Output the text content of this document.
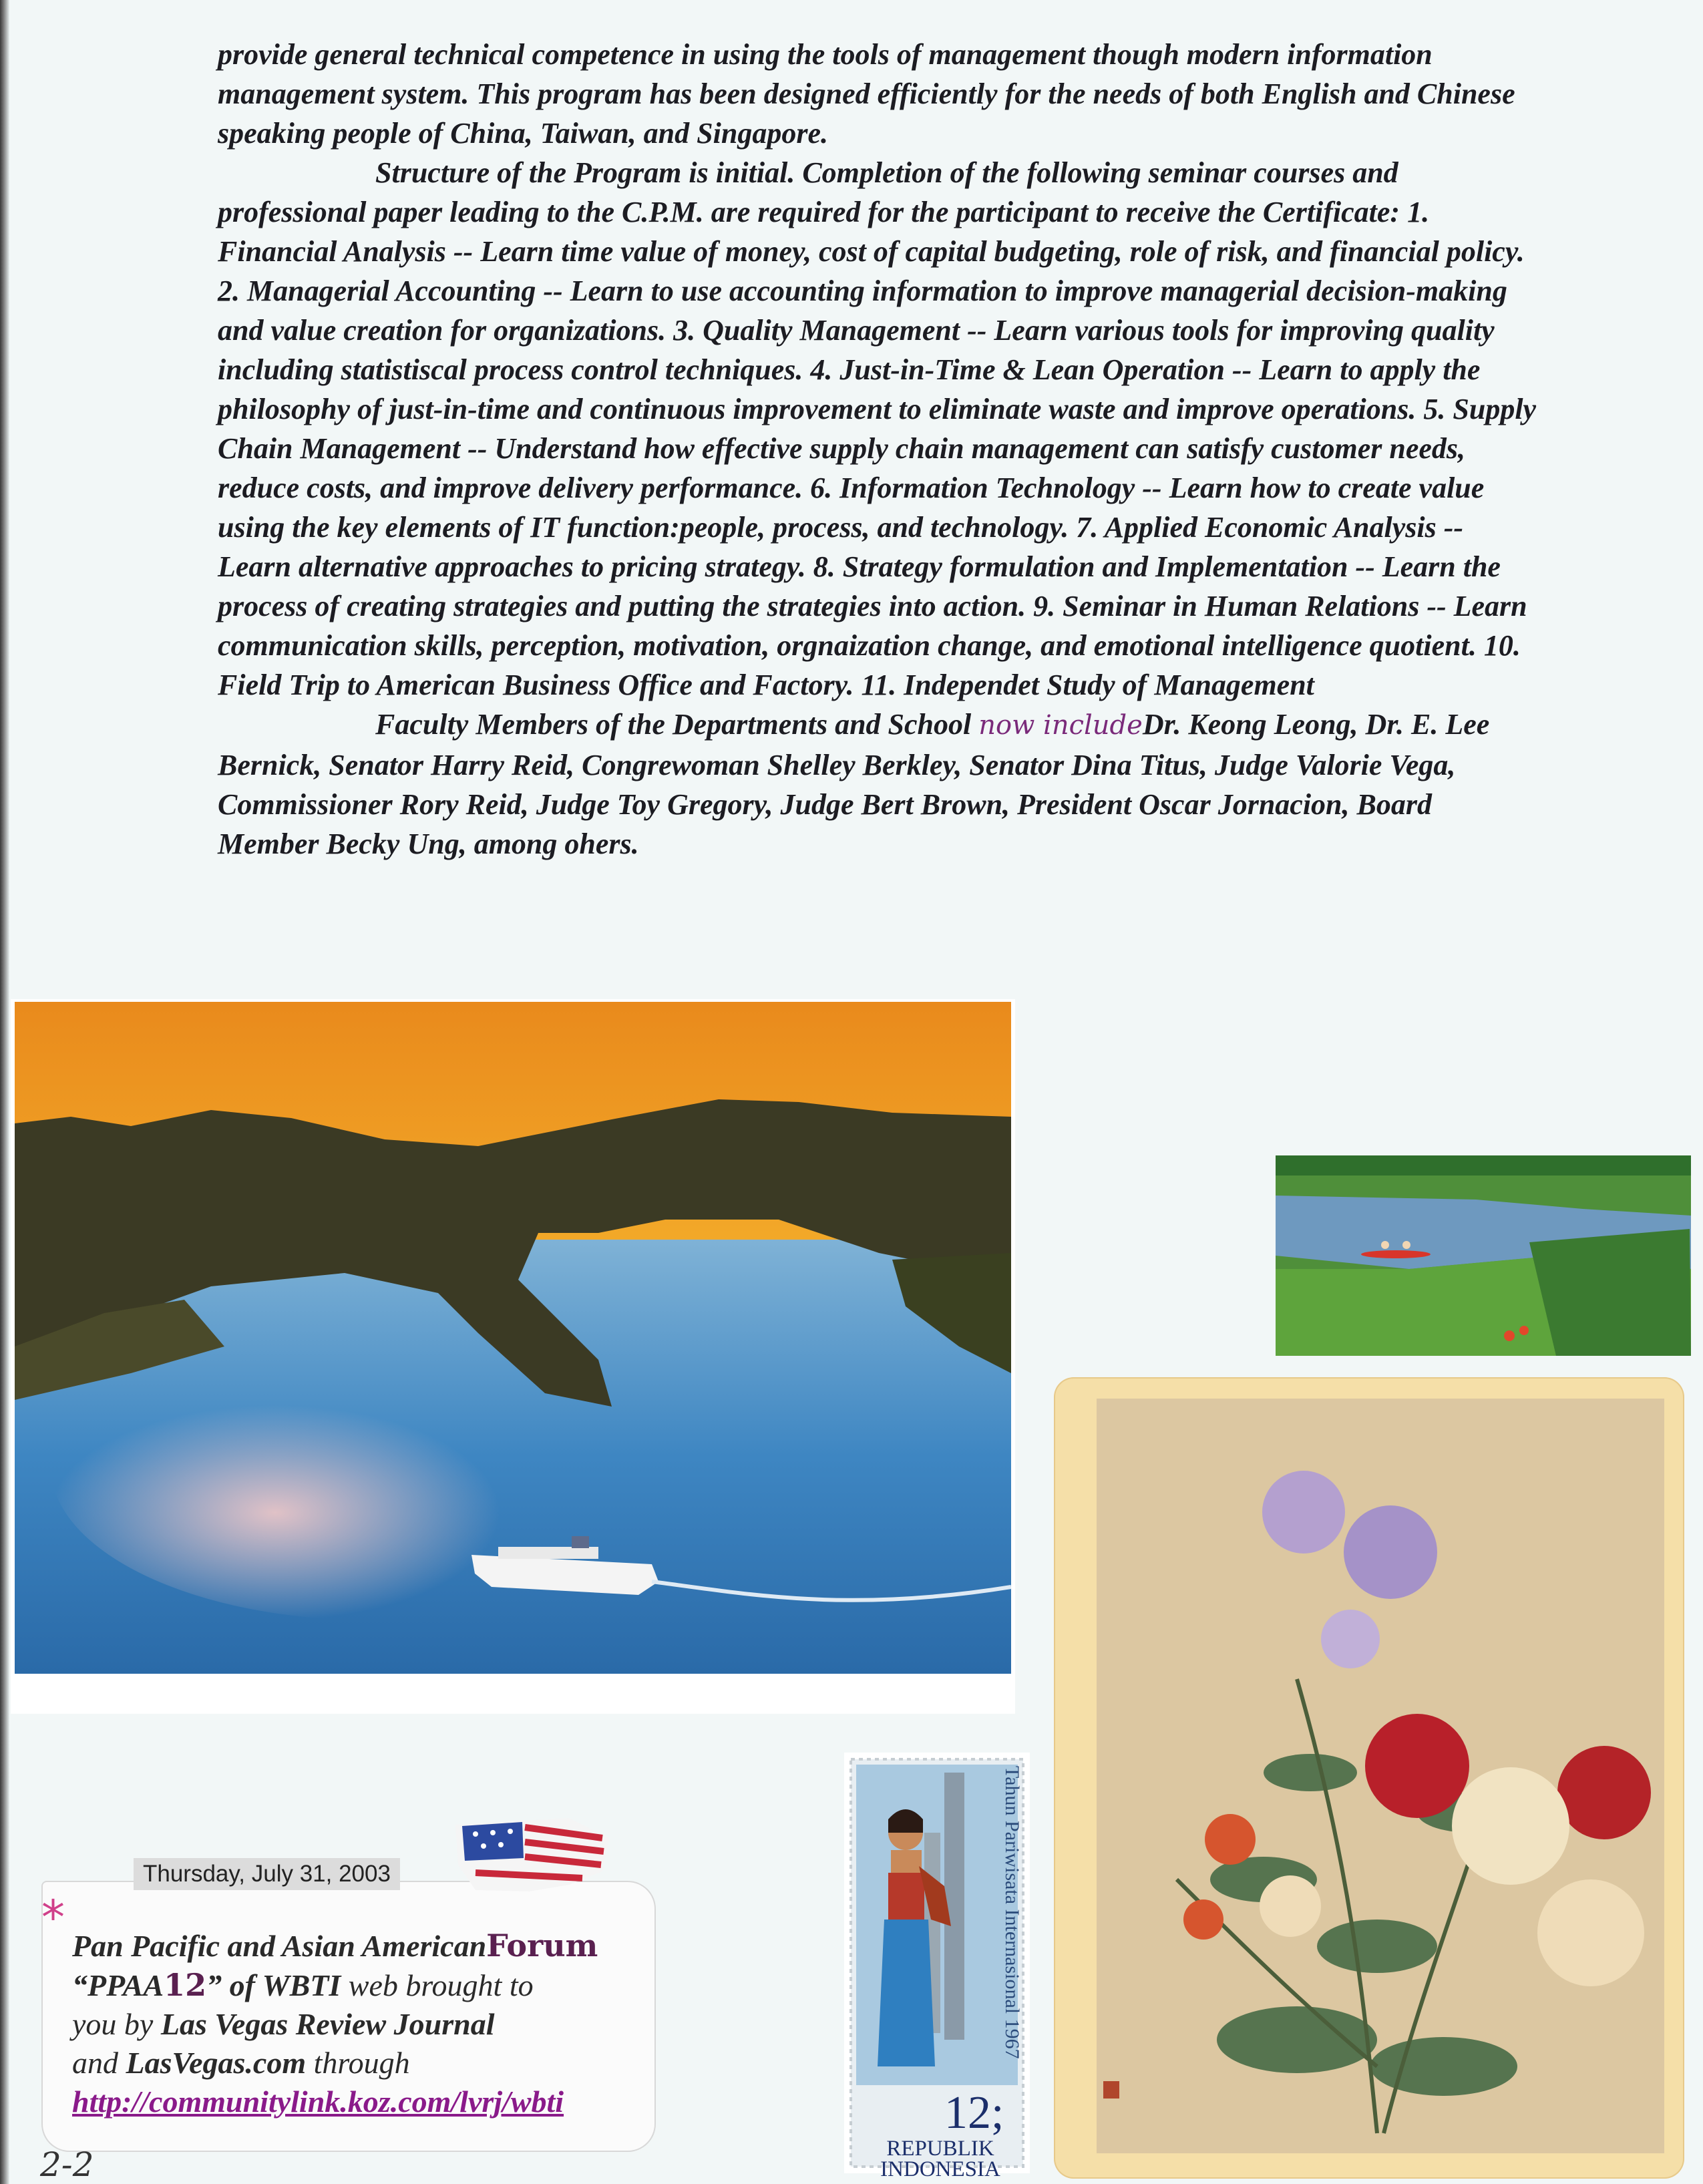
provide general technical competence in using the tools of management though modern information management system. This program has been designed efficiently for the needs of both English and Chinese speaking people of China, Taiwan, and Singapore.

Structure of the Program is initial. Completion of the following seminar courses and professional paper leading to the C.P.M. are required for the participant to receive the Certificate: 1. Financial Analysis -- Learn time value of money, cost of capital budgeting, role of risk, and financial policy. 2. Managerial Accounting -- Learn to use accounting information to improve managerial decision-making and value creation for organizations. 3. Quality Management -- Learn various tools for improving quality including statistiscal process control techniques. 4. Just-in-Time & Lean Operation -- Learn to apply the philosophy of just-in-time and continuous improvement to eliminate waste and improve operations. 5. Supply Chain Management -- Understand how effective supply chain management can satisfy customer needs, reduce costs, and improve delivery performance. 6. Information Technology -- Learn how to create value using the key elements of IT function:people, process, and technology. 7. Applied Economic Analysis -- Learn alternative approaches to pricing strategy. 8. Strategy formulation and Implementation -- Learn the process of creating strategies and putting the strategies into action. 9. Seminar in Human Relations -- Learn communication skills, perception, motivation, orgnaization change, and emotional intelligence quotient. 10. Field Trip to American Business Office and Factory. 11. Independet Study of Management

Faculty Members of the Departments and School now includeDr. Keong Leong, Dr. E. Lee Bernick, Senator Harry Reid, Congrewoman Shelley Berkley, Senator Dina Titus, Judge Valorie Vega, Commissioner Rory Reid, Judge Toy Gregory, Judge Bert Brown, President Oscar Jornacion, Board Member Becky Ung, among ohers.

Thursday, July 31, 2003
*
Pan Pacific and Asian AmericanForum
“PPAA12” of WBTI web brought to
you by Las Vegas Review Journal
and LasVegas.com through
http://communitylink.koz.com/lvrj/wbti
2-2
Tahun Pariwisata Internasional 1967
12;
REPUBLIK
INDONESIA
